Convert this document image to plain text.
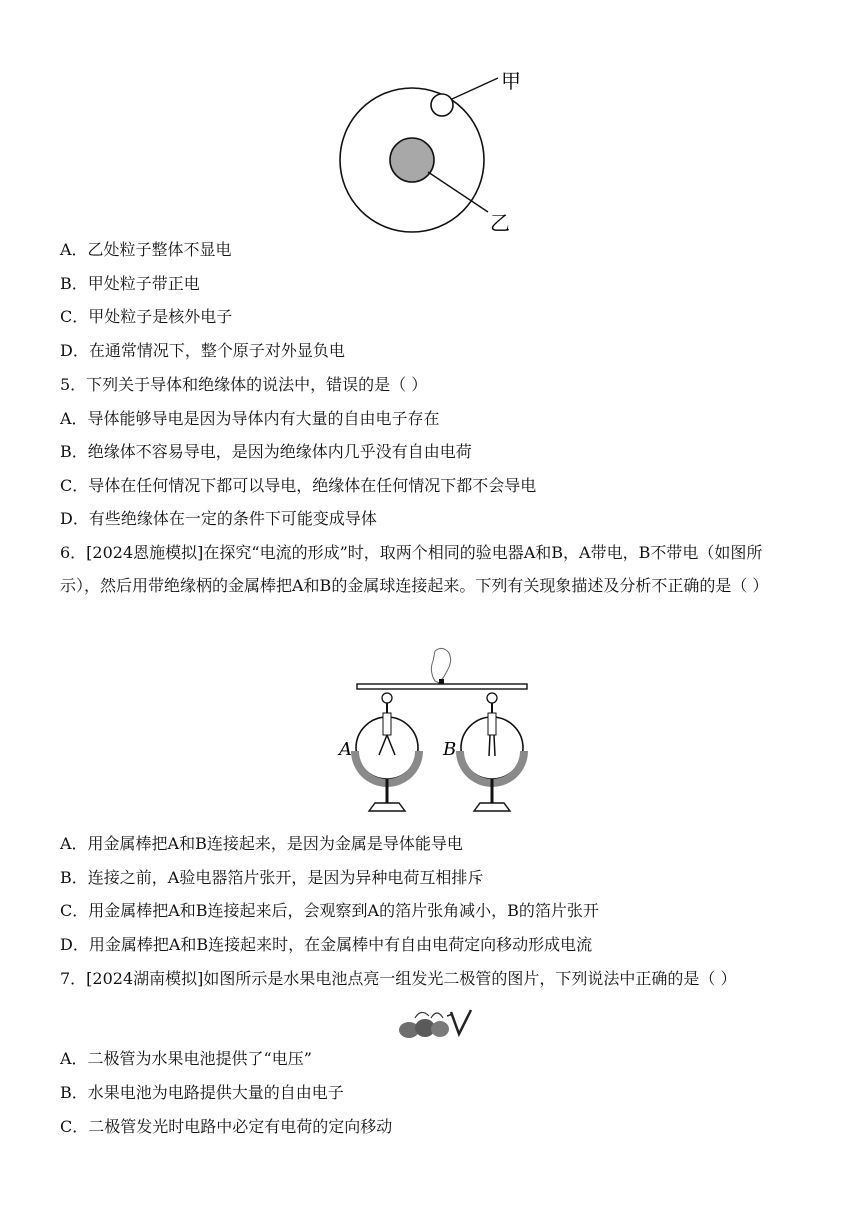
甲
乙
A．乙处粒子整体不显电
B．甲处粒子带正电
C．甲处粒子是核外电子
D．在通常情况下，整个原子对外显负电
5．下列关于导体和绝缘体的说法中，错误的是（ ）
A．导体能够导电是因为导体内有大量的自由电子存在
B．绝缘体不容易导电，是因为绝缘体内几乎没有自由电荷
C．导体在任何情况下都可以导电，绝缘体在任何情况下都不会导电
D．有些绝缘体在一定的条件下可能变成导体
6．[2024恩施模拟]在探究“电流的形成”时，取两个相同的验电器A和B，A带电，B不带电（如图所示），然后用带绝缘柄的金属棒把A和B的金属球连接起来。下列有关现象描述及分析不正确的是（ ）
A	B
A．用金属棒把A和B连接起来，是因为金属是导体能导电
B．连接之前，A验电器箔片张开，是因为异种电荷互相排斥
C．用金属棒把A和B连接起来后，会观察到A的箔片张角减小，B的箔片张开
D．用金属棒把A和B连接起来时，在金属棒中有自由电荷定向移动形成电流
7．[2024湖南模拟]如图所示是水果电池点亮一组发光二极管的图片，下列说法中正确的是（ ）
A．二极管为水果电池提供了“电压”
B．水果电池为电路提供大量的自由电子
C．二极管发光时电路中必定有电荷的定向移动
